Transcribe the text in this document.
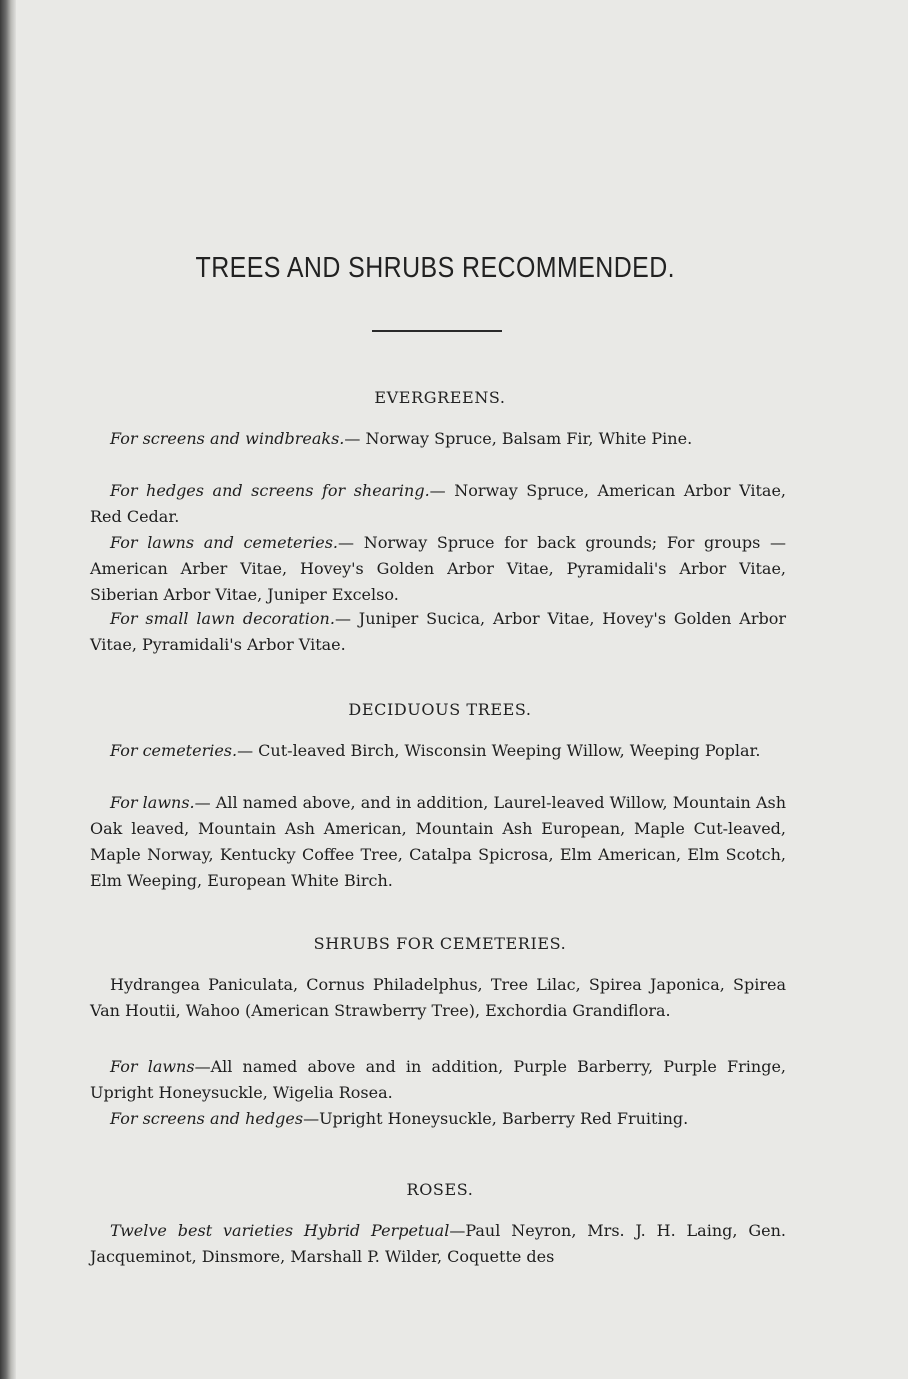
TREES AND SHRUBS RECOMMENDED.
EVERGREENS.
For screens and windbreaks.— Norway Spruce, Balsam Fir, White Pine.
For hedges and screens for shearing.— Norway Spruce, American Arbor Vitae, Red Cedar.
For lawns and cemeteries.— Norway Spruce for back grounds; For groups — American Arber Vitae, Hovey's Golden Arbor Vitae, Pyramidali's Arbor Vitae, Siberian Arbor Vitae, Juniper Excelso.
For small lawn decoration.— Juniper Sucica, Arbor Vitae, Hovey's Golden Arbor Vitae, Pyramidali's Arbor Vitae.
DECIDUOUS TREES.
For cemeteries.— Cut-leaved Birch, Wisconsin Weeping Willow, Weeping Poplar.
For lawns.— All named above, and in addition, Laurel-leaved Willow, Mountain Ash Oak leaved, Mountain Ash American, Mountain Ash European, Maple Cut-leaved, Maple Norway, Kentucky Coffee Tree, Catalpa Spicrosa, Elm American, Elm Scotch, Elm Weeping, European White Birch.
SHRUBS FOR CEMETERIES.
Hydrangea Paniculata, Cornus Philadelphus, Tree Lilac, Spirea Japonica, Spirea Van Houtii, Wahoo (American Strawberry Tree), Exchordia Grandiflora.
For lawns—All named above and in addition, Purple Barberry, Purple Fringe, Upright Honeysuckle, Wigelia Rosea.
For screens and hedges—Upright Honeysuckle, Barberry Red Fruiting.
ROSES.
Twelve best varieties Hybrid Perpetual—Paul Neyron, Mrs. J. H. Laing, Gen. Jacqueminot, Dinsmore, Marshall P. Wilder, Coquette des
